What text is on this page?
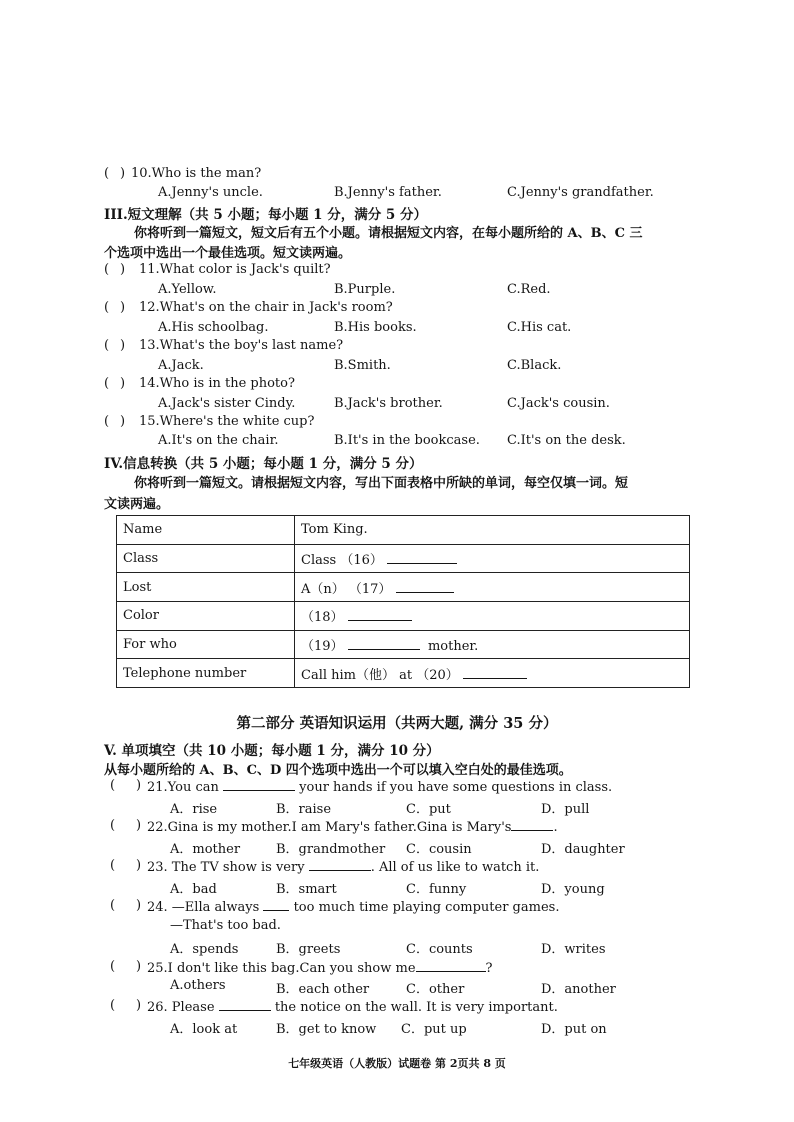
( ) 10.Who is the man?
A.Jenny's uncle.	B.Jenny's father.	C.Jenny's grandfather.
III.短文理解（共 5 小题；每小题 1 分，满分 5 分）
你将听到一篇短文，短文后有五个小题。请根据短文内容，在每小题所给的 A、B、C 三
个选项中选出一个最佳选项。短文读两遍。
( ) 11.What color is Jack's quilt?
A.Yellow.	B.Purple.	C.Red.
( ) 12.What's on the chair in Jack's room?
A.His schoolbag.	B.His books.	C.His cat.
( ) 13.What's the boy's last name?
A.Jack.	B.Smith.	C.Black.
( ) 14.Who is in the photo?
A.Jack's sister Cindy.	B.Jack's brother.	C.Jack's cousin.
( ) 15.Where's the white cup?
A.It's on the chair.	B.It's in the bookcase. C.It's on the desk.
IV.信息转换（共 5 小题；每小题 1 分，满分 5 分）
你将听到一篇短文。请根据短文内容，写出下面表格中所缺的单词，每空仅填一词。短
文读两遍。
Name	Tom King.
Class	Class （16）
Lost	A（n） （17）
Color	（18）
For who	（19） mother.
Telephone number	Call him（他） at （20）
第二部分 英语知识运用（共两大题, 满分 35 分）
V. 单项填空（共 10 小题；每小题 1 分，满分 10 分）
从每小题所给的 A、B、C、D 四个选项中选出一个可以填入空白处的最佳选项。
( ) 21.You can	your hands if you have some questions in class.
A．rise	B．raise	C．put	D．pull
( ) 22.Gina is my mother.I am Mary's father.Gina is Mary's	.
A．mother	B．grandmother C．cousin	D．daughter
( ) 23. The TV show is very	. All of us like to watch it.
A．bad	B．smart	C．funny	D．young
( ) 24. —Ella always	too much time playing computer games.
—That's too bad.
A．spends	B．greets	C．counts	D．writes
( ) 25.I don't like this bag.Can you show me	?
A.others	B．each other	C．other	D．another
( ) 26. Please	the notice on the wall. It is very important.
A．look at	B．get to know C．put up	D．put on
七年级英语（人教版）试题卷 第 2页共 8 页
